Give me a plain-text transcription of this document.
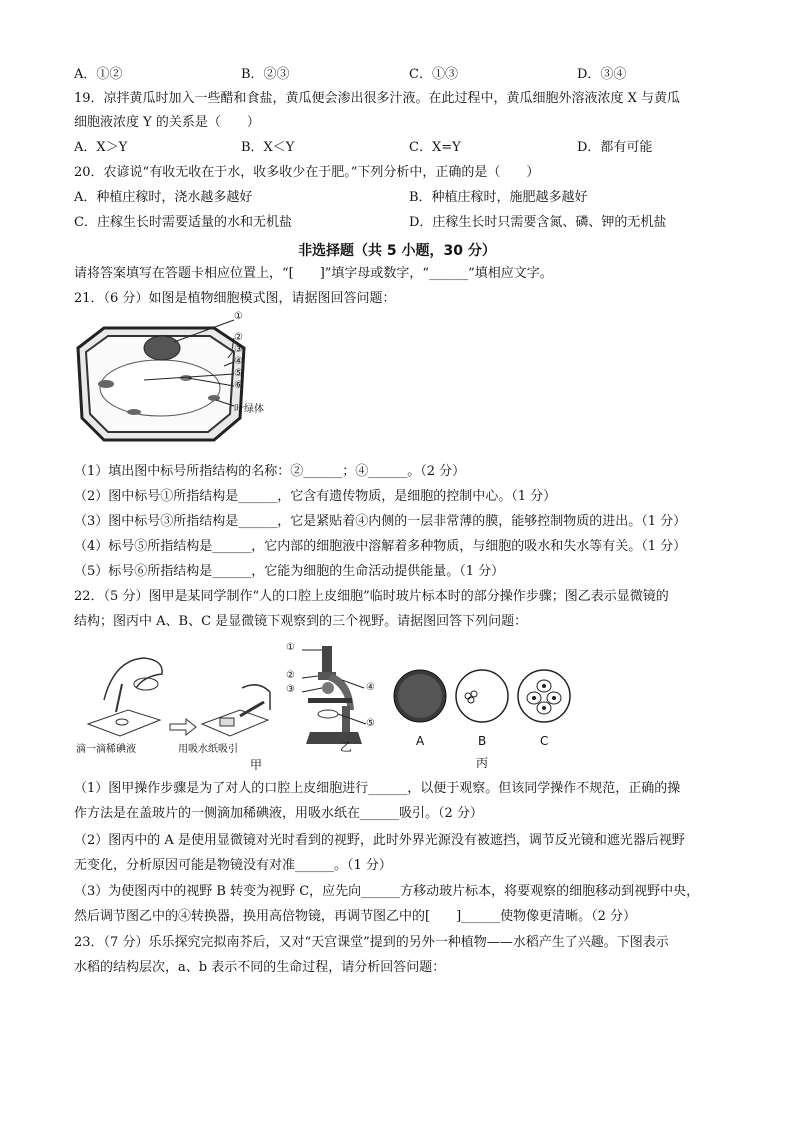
A．①②	B．②③	C．①③	D．③④
19．凉拌黄瓜时加入一些醋和食盐，黄瓜便会渗出很多汁液。在此过程中，黄瓜细胞外溶液浓度 X 与黄瓜
细胞液浓度 Y 的关系是（　　）
A．X＞Y	B．X＜Y	C．X=Y	D．都有可能
20．农谚说“有收无收在于水，收多收少在于肥。”下列分析中，正确的是（　　）
A．种植庄稼时，浇水越多越好	B．种植庄稼时，施肥越多越好
C．庄稼生长时需要适量的水和无机盐	D．庄稼生长时只需要含氮、磷、钾的无机盐
非选择题（共 5 小题，30 分）
请将答案填写在答题卡相应位置上，“[　　]”填字母或数字，“______”填相应文字。
21．（6 分）如图是植物细胞模式图，请据图回答问题：
①
②
③
④
⑤
⑥
叶绿体
（1）填出图中标号所指结构的名称：②______；④______。（2 分）
（2）图中标号①所指结构是______，它含有遗传物质，是细胞的控制中心。（1 分）
（3）图中标号③所指结构是______，它是紧贴着④内侧的一层非常薄的膜，能够控制物质的进出。（1 分）
（4）标号⑤所指结构是______，它内部的细胞液中溶解着多种物质，与细胞的吸水和失水等有关。（1 分）
（5）标号⑥所指结构是______，它能为细胞的生命活动提供能量。（1 分）
22．（5 分）图甲是某同学制作“人的口腔上皮细胞”临时玻片标本时的部分操作步骤；图乙表示显微镜的
结构；图丙中 A、B、C 是显微镜下观察到的三个视野。请据图回答下列问题：
滴一滴稀碘液	用吸水纸吸引
甲
①
②
③	④
⑤
乙	A	B	C
丙
（1）图甲操作步骤是为了对人的口腔上皮细胞进行______，以便于观察。但该同学操作不规范，正确的操
作方法是在盖玻片的一侧滴加稀碘液，用吸水纸在______吸引。（2 分）
（2）图丙中的 A 是使用显微镜对光时看到的视野，此时外界光源没有被遮挡，调节反光镜和遮光器后视野
无变化，分析原因可能是物镜没有对准______。（1 分）
（3）为使图丙中的视野 B 转变为视野 C，应先向______方移动玻片标本，将要观察的细胞移动到视野中央，
然后调节图乙中的④转换器，换用高倍物镜，再调节图乙中的[　　]______使物像更清晰。（2 分）
23．（7 分）乐乐探究完拟南芥后，又对“天宫课堂”提到的另外一种植物——水稻产生了兴趣。下图表示
水稻的结构层次，a、b 表示不同的生命过程，请分析回答问题：
